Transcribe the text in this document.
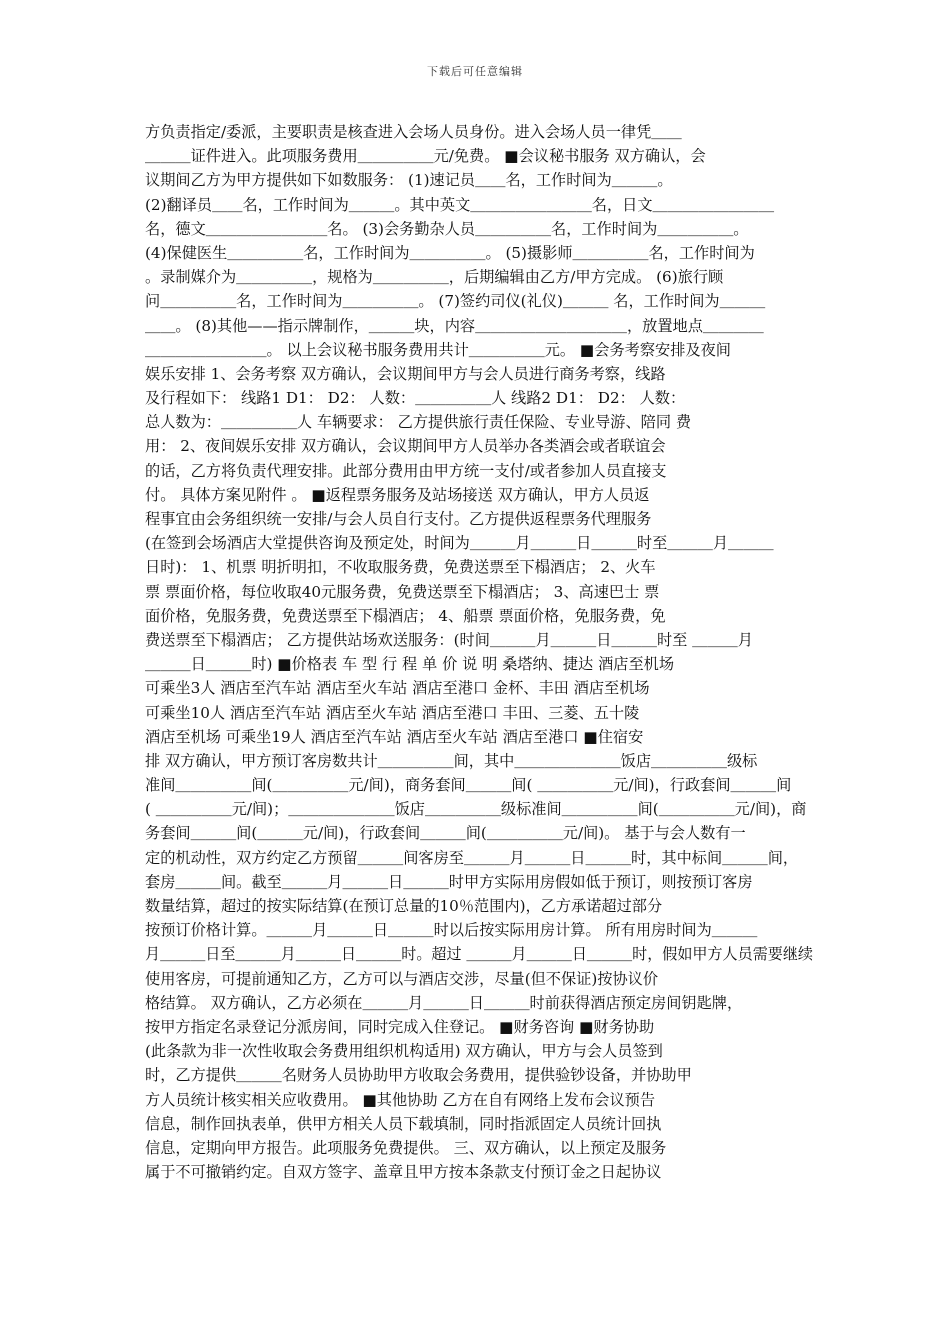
下载后可任意编辑
方负责指定/委派，主要职责是核查进入会场人员身份。进入会场人员一律凭＿＿
＿＿＿证件进入。此项服务费用＿＿＿＿＿元/免费。 ■会议秘书服务 双方确认，会
议期间乙方为甲方提供如下如数服务： (1)速记员＿＿名，工作时间为＿＿＿。
(2)翻译员＿＿名，工作时间为＿＿＿。其中英文＿＿＿＿＿＿＿＿名，日文＿＿＿＿＿＿＿＿
名，德文＿＿＿＿＿＿＿＿名。 (3)会务勤杂人员＿＿＿＿＿名，工作时间为＿＿＿＿＿。
(4)保健医生＿＿＿＿＿名，工作时间为＿＿＿＿＿。 (5)摄影师＿＿＿＿＿名，工作时间为
。录制媒介为＿＿＿＿＿，规格为＿＿＿＿＿，后期编辑由乙方/甲方完成。 (6)旅行顾
问＿＿＿＿＿名，工作时间为＿＿＿＿＿。 (7)签约司仪(礼仪)＿＿＿ 名，工作时间为＿＿＿
＿＿。 (8)其他——指示牌制作，＿＿＿块，内容＿＿＿＿＿＿＿＿＿＿，放置地点＿＿＿＿
＿＿＿＿＿＿＿＿。 以上会议秘书服务费用共计＿＿＿＿＿元。 ■会务考察安排及夜间
娱乐安排 1、会务考察 双方确认，会议期间甲方与会人员进行商务考察，线路
及行程如下： 线路1 D1： D2： 人数：＿＿＿＿＿人 线路2 D1： D2： 人数：
总人数为：＿＿＿＿＿人 车辆要求： 乙方提供旅行责任保险、专业导游、陪同 费
用： 2、夜间娱乐安排 双方确认，会议期间甲方人员举办各类酒会或者联谊会
的话，乙方将负责代理安排。此部分费用由甲方统一支付/或者参加人员直接支
付。 具体方案见附件 。 ■返程票务服务及站场接送 双方确认，甲方人员返
程事宜由会务组织统一安排/与会人员自行支付。乙方提供返程票务代理服务
(在签到会场酒店大堂提供咨询及预定处，时间为＿＿＿月＿＿＿日＿＿＿时至＿＿＿月＿＿＿
日时)： 1、机票 明折明扣，不收取服务费，免费送票至下榻酒店； 2、火车
票 票面价格，每位收取40元服务费，免费送票至下榻酒店； 3、高速巴士 票
面价格，免服务费，免费送票至下榻酒店； 4、船票 票面价格，免服务费，免
费送票至下榻酒店； 乙方提供站场欢送服务：(时间＿＿＿月＿＿＿日＿＿＿时至 ＿＿＿月
＿＿＿日＿＿＿时) ■价格表 车 型 行 程 单 价 说 明 桑塔纳、捷达 酒店至机场
可乘坐3人 酒店至汽车站 酒店至火车站 酒店至港口 金杯、丰田 酒店至机场
可乘坐10人 酒店至汽车站 酒店至火车站 酒店至港口 丰田、三菱、五十陵
酒店至机场 可乘坐19人 酒店至汽车站 酒店至火车站 酒店至港口 ■住宿安
排 双方确认，甲方预订客房数共计＿＿＿＿＿间，其中＿＿＿＿＿＿＿饭店＿＿＿＿＿级标
准间＿＿＿＿＿间(＿＿＿＿＿元/间)，商务套间＿＿＿间( ＿＿＿＿＿元/间)，行政套间＿＿＿间
( ＿＿＿＿＿元/间)；＿＿＿＿＿＿＿饭店＿＿＿＿＿级标准间＿＿＿＿＿间(＿＿＿＿＿元/间)，商
务套间＿＿＿间(＿＿＿元/间)，行政套间＿＿＿间(＿＿＿＿＿元/间)。 基于与会人数有一
定的机动性，双方约定乙方预留＿＿＿间客房至＿＿＿月＿＿＿日＿＿＿时，其中标间＿＿＿间，
套房＿＿＿间。截至＿＿＿月＿＿＿日＿＿＿时甲方实际用房假如低于预订，则按预订客房
数量结算，超过的按实际结算(在预订总量的10％范围内)，乙方承诺超过部分
按预订价格计算。＿＿＿月＿＿＿日＿＿＿时以后按实际用房计算。 所有用房时间为＿＿＿
月＿＿＿日至＿＿＿月＿＿＿日＿＿＿时。超过 ＿＿＿月＿＿＿日＿＿＿时，假如甲方人员需要继续
使用客房，可提前通知乙方，乙方可以与酒店交涉，尽量(但不保证)按协议价
格结算。 双方确认，乙方必须在＿＿＿月＿＿＿日＿＿＿时前获得酒店预定房间钥匙牌，
按甲方指定名录登记分派房间，同时完成入住登记。 ■财务咨询 ■财务协助
(此条款为非一次性收取会务费用组织机构适用) 双方确认，甲方与会人员签到
时，乙方提供＿＿＿名财务人员协助甲方收取会务费用，提供验钞设备，并协助甲
方人员统计核实相关应收费用。 ■其他协助 乙方在自有网络上发布会议预告
信息，制作回执表单，供甲方相关人员下载填制，同时指派固定人员统计回执
信息，定期向甲方报告。此项服务免费提供。 三、双方确认，以上预定及服务
属于不可撤销约定。自双方签字、盖章且甲方按本条款支付预订金之日起协议
